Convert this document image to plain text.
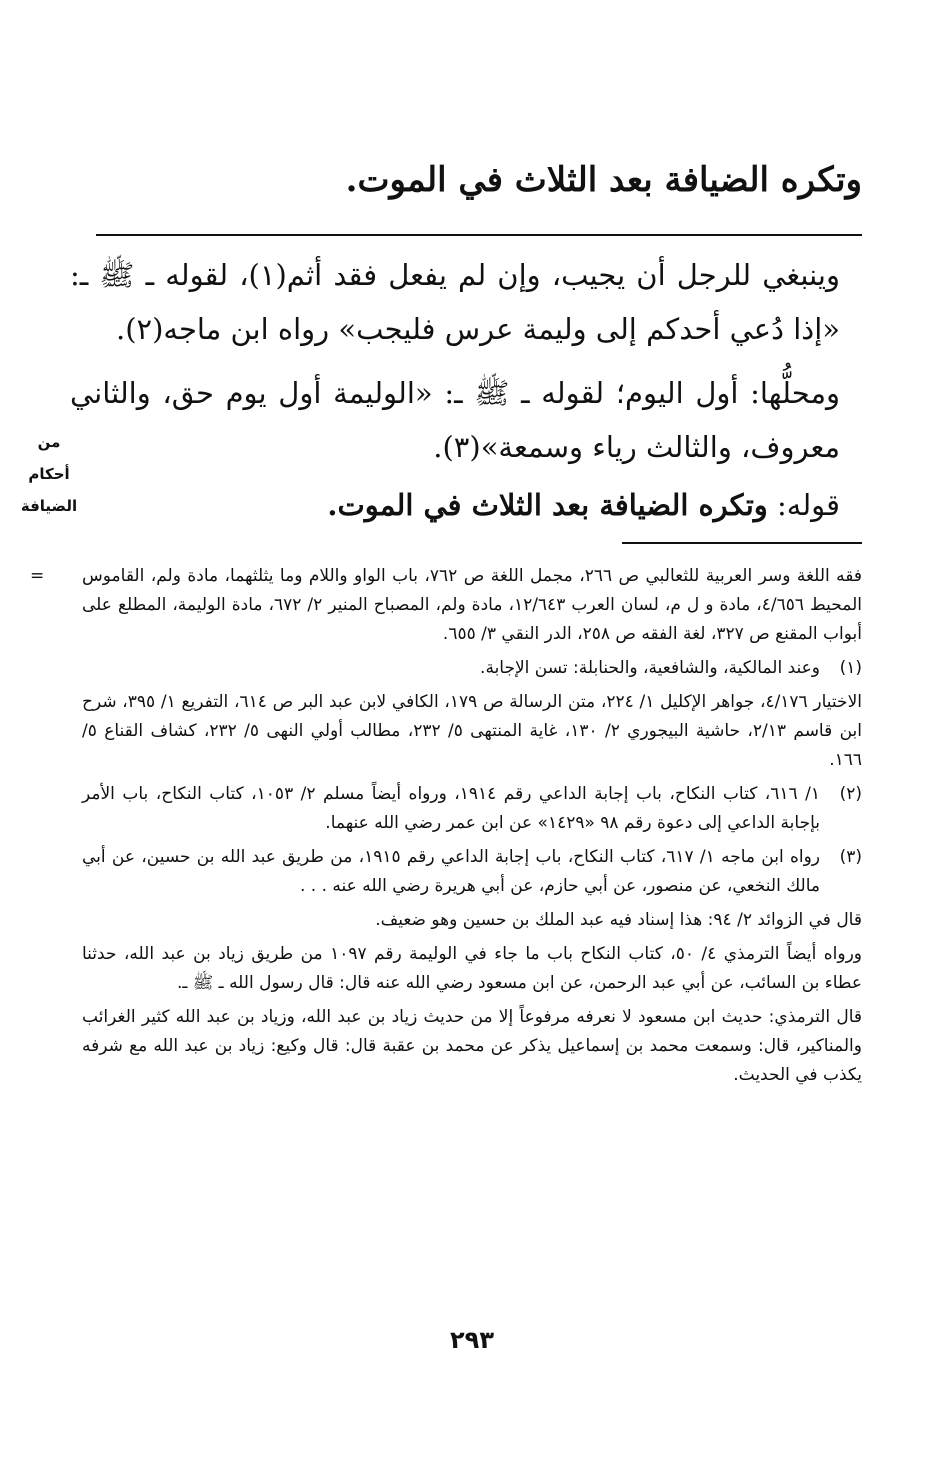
وتكره الضيافة بعد الثلاث في الموت.
وينبغي للرجل أن يجيب، وإن لم يفعل فقد أثم(١)، لقوله ـ ﷺ ـ: «إذا دُعي أحدكم إلى وليمة عرس فليجب» رواه ابن ماجه(٢).
ومحلُّها: أول اليوم؛ لقوله ـ ﷺ ـ: «الوليمة أول يوم حق، والثاني معروف، والثالث رياء وسمعة»(٣).
قوله: وتكره الضيافة بعد الثلاث في الموت.
من
أحكام
الضيافة
= فقه اللغة وسر العربية للثعالبي ص ٢٦٦، مجمل اللغة ص ٧٦٢، باب الواو واللام وما يثلثهما، مادة ولم، القاموس المحيط ٤/٦٥٦، مادة و ل م، لسان العرب ١٢/٦٤٣، مادة ولم، المصباح المنير ٢/ ٦٧٢، مادة الوليمة، المطلع على أبواب المقنع ص ٣٢٧، لغة الفقه ص ٢٥٨، الدر النقي ٣/ ٦٥٥.
(١)
وعند المالكية، والشافعية، والحنابلة: تسن الإجابة.
الاختيار ٤/١٧٦، جواهر الإكليل ١/ ٢٢٤، متن الرسالة ص ١٧٩، الكافي لابن عبد البر ص ٦١٤، التفريع ١/ ٣٩٥، شرح ابن قاسم ٢/١٣، حاشية البيجوري ٢/ ١٣٠، غاية المنتهى ٥/ ٢٣٢، مطالب أولي النهى ٥/ ٢٣٢، كشاف القناع ٥/ ١٦٦.
(٢)
١/ ٦١٦، كتاب النكاح، باب إجابة الداعي رقم ١٩١٤، ورواه أيضاً مسلم ٢/ ١٠٥٣، كتاب النكاح، باب الأمر بإجابة الداعي إلى دعوة رقم ٩٨ «١٤٢٩» عن ابن عمر رضي الله عنهما.
(٣)
رواه ابن ماجه ١/ ٦١٧، كتاب النكاح، باب إجابة الداعي رقم ١٩١٥، من طريق عبد الله بن حسين، عن أبي مالك النخعي، عن منصور، عن أبي حازم، عن أبي هريرة رضي الله عنه . . .
قال في الزوائد ٢/ ٩٤: هذا إسناد فيه عبد الملك بن حسين وهو ضعيف.
ورواه أيضاً الترمذي ٤/ ٥٠، كتاب النكاح باب ما جاء في الوليمة رقم ١٠٩٧ من طريق زياد بن عبد الله، حدثنا عطاء بن السائب، عن أبي عبد الرحمن، عن ابن مسعود رضي الله عنه قال: قال رسول الله ـ ﷺ ـ.
قال الترمذي: حديث ابن مسعود لا نعرفه مرفوعاً إلا من حديث زياد بن عبد الله، وزياد بن عبد الله كثير الغرائب والمناكير، قال: وسمعت محمد بن إسماعيل يذكر عن محمد بن عقبة قال: قال وكيع: زياد بن عبد الله مع شرفه يكذب في الحديث.
٢٩٣
